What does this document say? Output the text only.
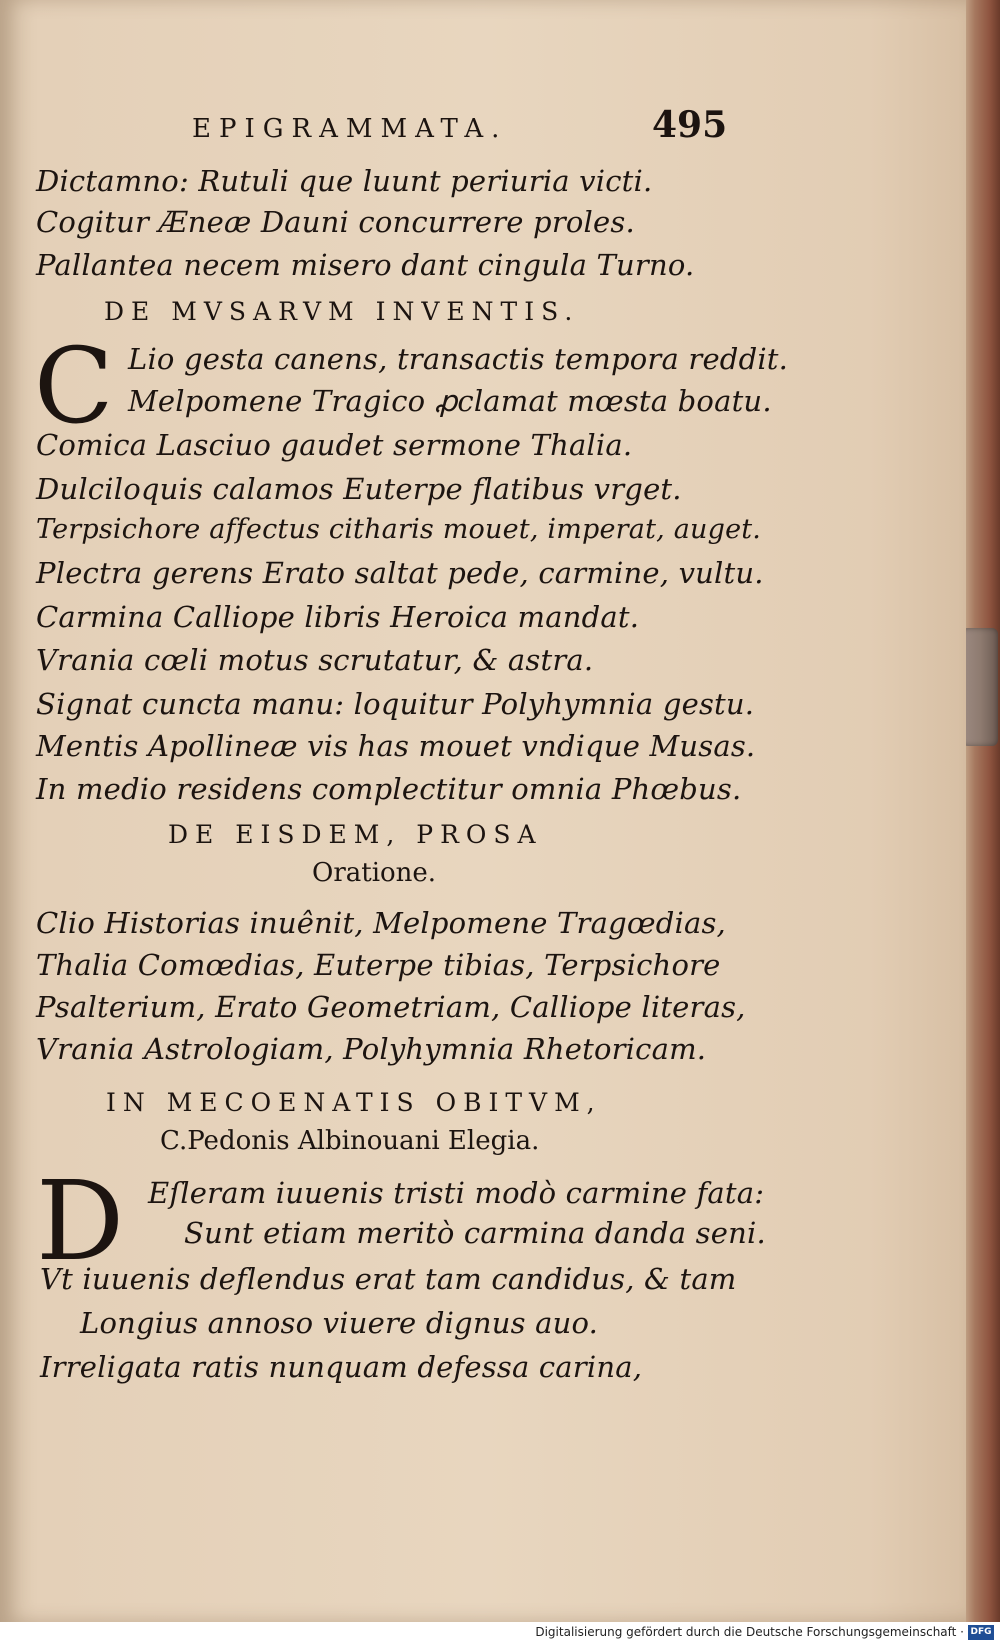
EPIGRAMMATA.	495
Dictamno: Rutuli que luunt periuria victi.
Cogitur Æneæ Dauni concurrere proles.
Pallantea necem misero dant cingula Turno.
DE MVSARVM INVENTIS.
C Lio gesta canens, transactis tempora reddit.
Melpomene Tragico ꝓclamat mœsta boatu.
Comica Lasciuo gaudet sermone Thalia.
Dulciloquis calamos Euterpe flatibus vrget.
Terpsichore affectus citharis mouet, imperat, auget.
Plectra gerens Erato saltat pede, carmine, vultu.
Carmina Calliope libris Heroica mandat.
Vrania cœli motus scrutatur, & astra.
Signat cuncta manu: loquitur Polyhymnia gestu.
Mentis Apollineæ vis has mouet vndique Musas.
In medio residens complectitur omnia Phœbus.
DE EISDEM, PROSA
Oratione.
Clio Historias inuênit, Melpomene Tragœdias,
Thalia Comœdias, Euterpe tibias, Terpsichore
Psalterium, Erato Geometriam, Calliope literas,
Vrania Astrologiam, Polyhymnia Rhetoricam.
IN MECOENATIS OBITVM,
C.Pedonis Albinouani Elegia.
D Eſleram iuuenis tristi modò carmine fata:
Sunt etiam meritò carmina danda seni.
Vt iuuenis deflendus erat tam candidus, & tam
Longius annoso viuere dignus auo.
Irreligata ratis nunquam defessa carina,
Digitalisierung gefördert durch die Deutsche Forschungsgemeinschaft · DFG
